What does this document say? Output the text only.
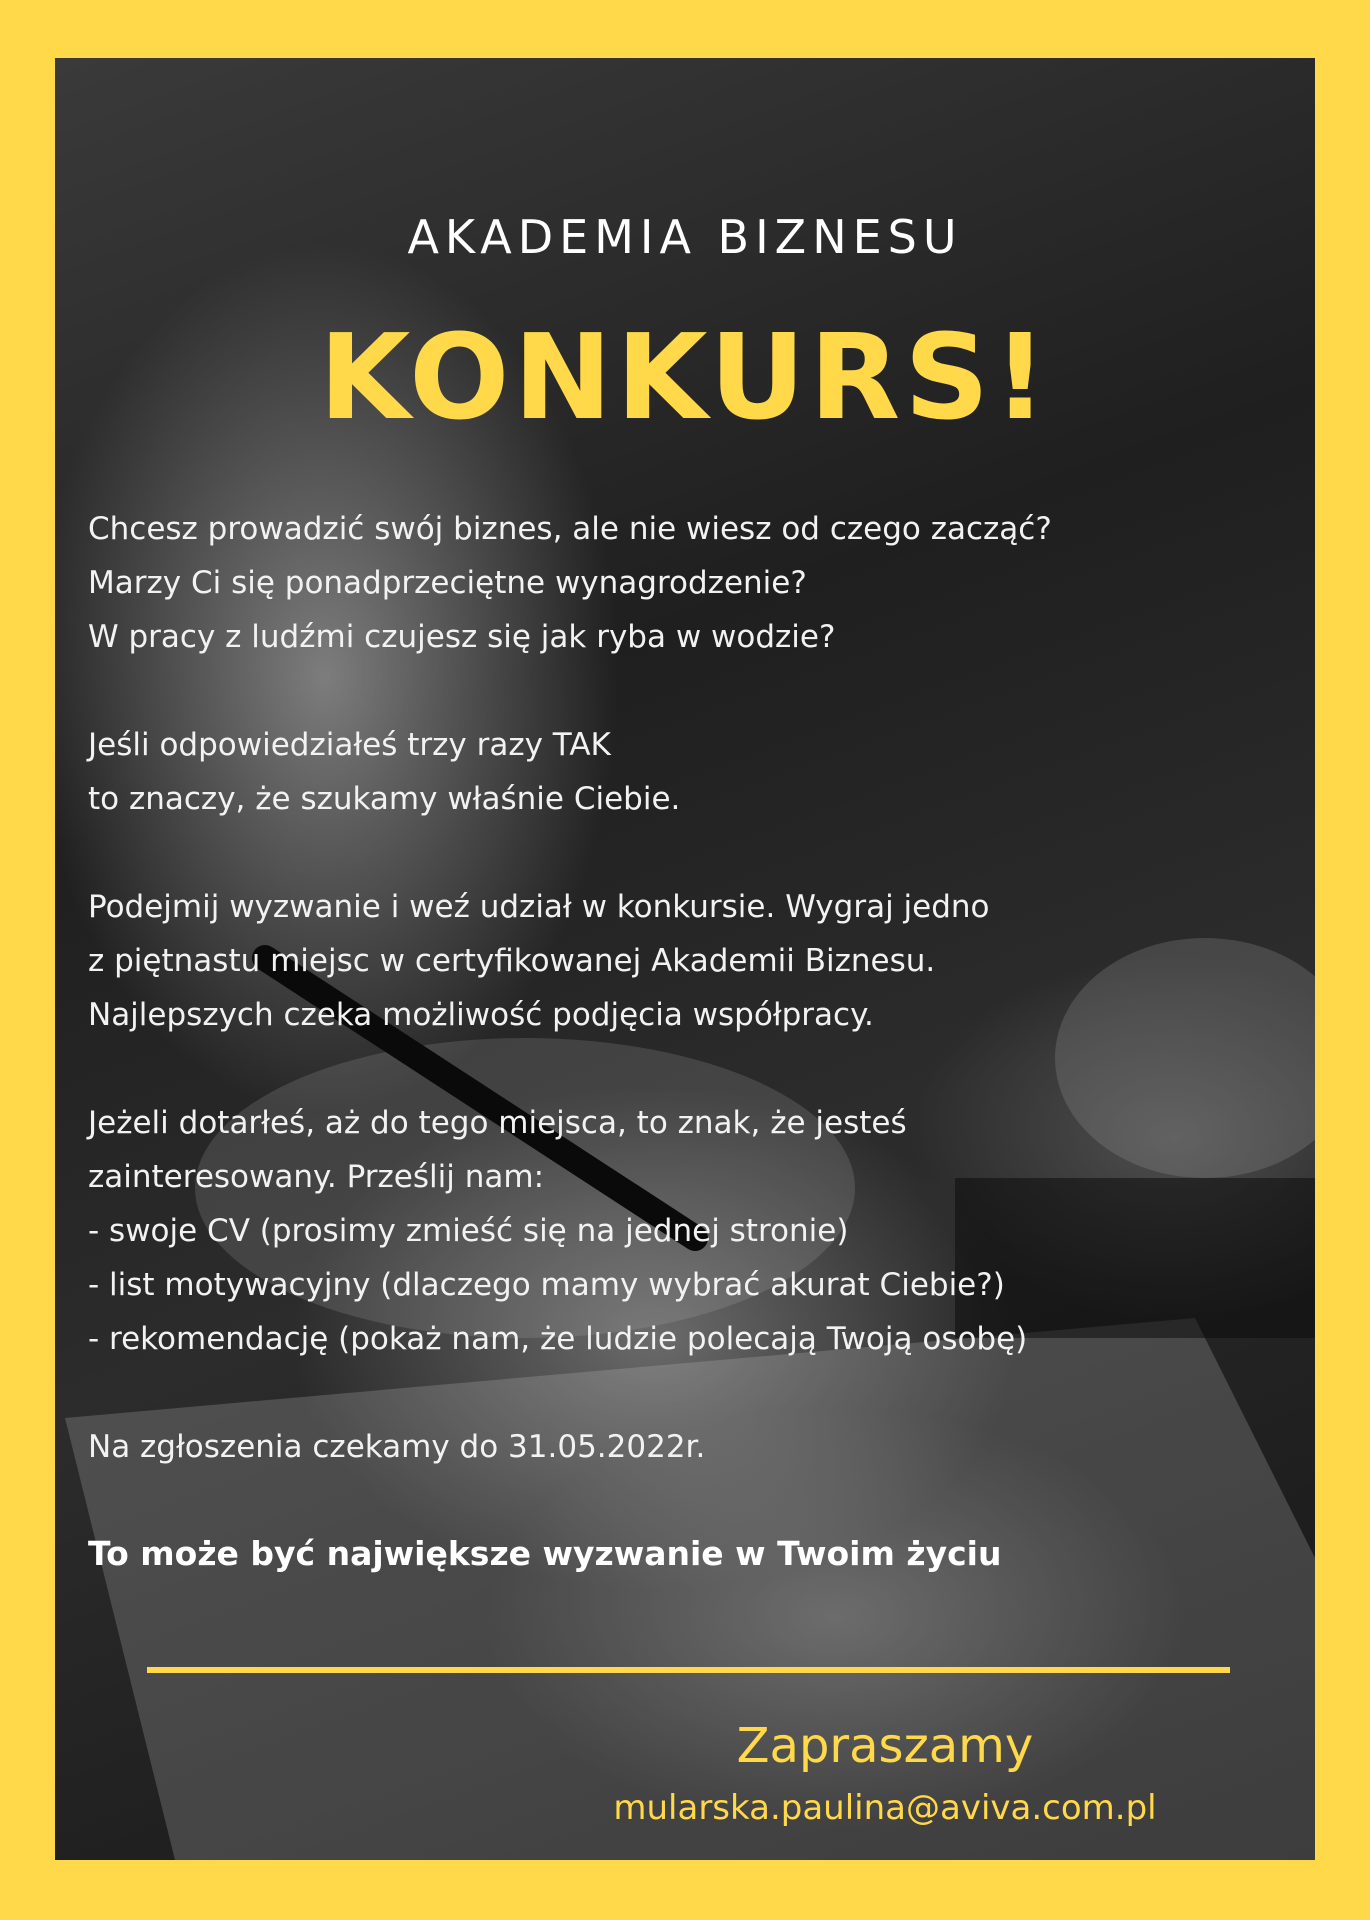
AKADEMIA BIZNESU
KONKURS!

Chcesz prowadzić swój biznes, ale nie wiesz od czego zacząć?

Marzy Ci się ponadprzeciętne wynagrodzenie?

W pracy z ludźmi czujesz się jak ryba w wodzie?

Jeśli odpowiedziałeś trzy razy TAK

to znaczy, że szukamy właśnie Ciebie.

Podejmij wyzwanie i weź udział w konkursie. Wygraj jedno

z piętnastu miejsc w certyfikowanej Akademii Biznesu.

Najlepszych czeka możliwość podjęcia współpracy.

Jeżeli dotarłeś, aż do tego miejsca, to znak, że jesteś

zainteresowany. Prześlij nam:

- swoje CV (prosimy zmieść się na jednej stronie)

- list motywacyjny (dlaczego mamy wybrać akurat Ciebie?)

- rekomendację (pokaż nam, że ludzie polecają Twoją osobę)

Na zgłoszenia czekamy do 31.05.2022r.

To może być największe wyzwanie w Twoim życiu
Zapraszamy
mularska.paulina@aviva.com.pl
